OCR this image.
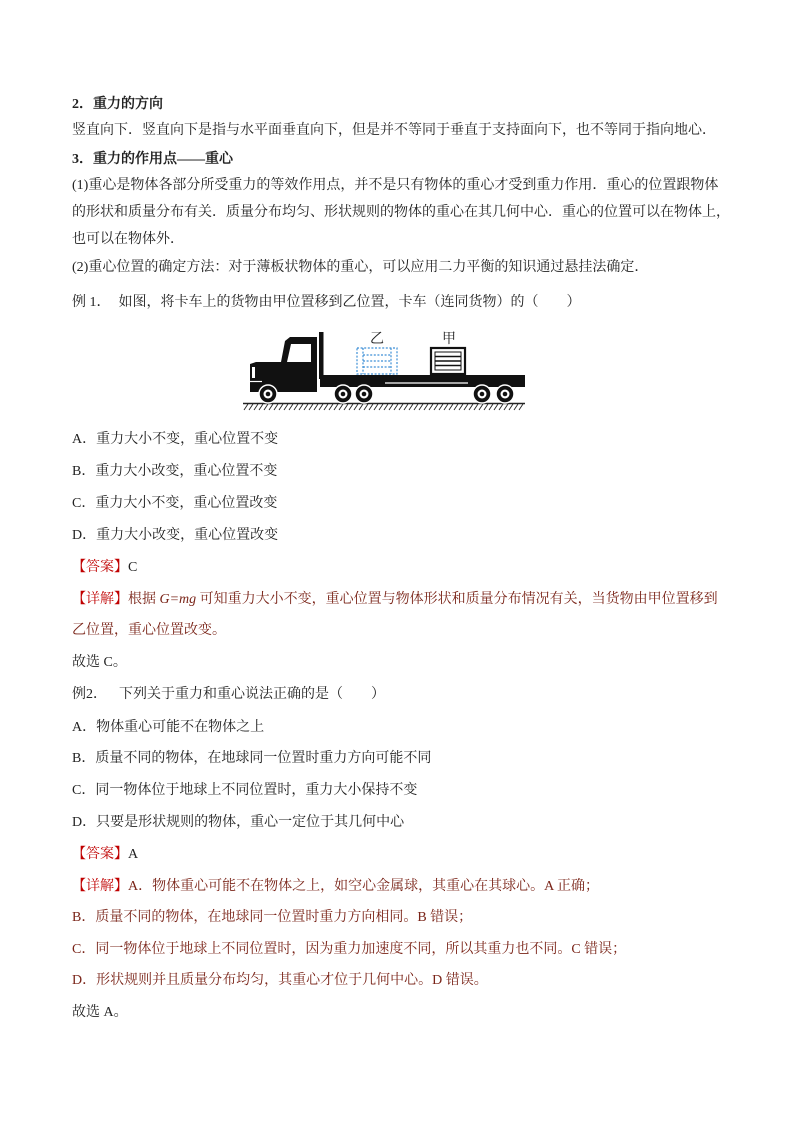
2．重力的方向
竖直向下．竖直向下是指与水平面垂直向下，但是并不等同于垂直于支持面向下，也不等同于指向地心．
3．重力的作用点——重心
(1)重心是物体各部分所受重力的等效作用点，并不是只有物体的重心才受到重力作用．重心的位置跟物体
的形状和质量分布有关．质量分布均匀、形状规则的物体的重心在其几何中心．重心的位置可以在物体上，
也可以在物体外．
(2)重心位置的确定方法：对于薄板状物体的重心，可以应用二力平衡的知识通过悬挂法确定．
例 1． 如图，将卡车上的货物由甲位置移到乙位置，卡车（连同货物）的（　　）
乙	甲
A．重力大小不变，重心位置不变
B．重力大小改变，重心位置不变
C．重力大小不变，重心位置改变
D．重力大小改变，重心位置改变
【答案】C
【详解】根据 G=mg 可知重力大小不变，重心位置与物体形状和质量分布情况有关，当货物由甲位置移到
乙位置，重心位置改变。
故选 C。
例2． 下列关于重力和重心说法正确的是（　　）
A．物体重心可能不在物体之上
B．质量不同的物体，在地球同一位置时重力方向可能不同
C．同一物体位于地球上不同位置时，重力大小保持不变
D．只要是形状规则的物体，重心一定位于其几何中心
【答案】A
【详解】A．物体重心可能不在物体之上，如空心金属球，其重心在其球心。A 正确；
B．质量不同的物体，在地球同一位置时重力方向相同。B 错误；
C．同一物体位于地球上不同位置时，因为重力加速度不同，所以其重力也不同。C 错误；
D．形状规则并且质量分布均匀，其重心才位于几何中心。D 错误。
故选 A。
